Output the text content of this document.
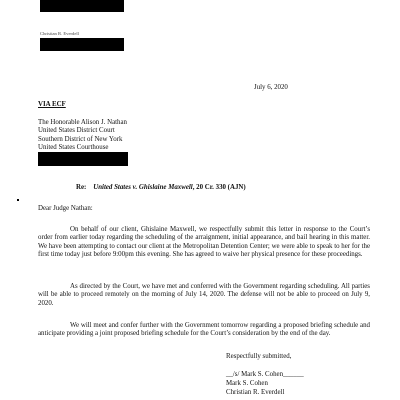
Christian R. Everdell
July 6, 2020
VIA ECF
The Honorable Alison J. Nathan
United States District Court
Southern District of New York
United States Courthouse
Re: United States v. Ghislaine Maxwell, 20 Cr. 330 (AJN)
Dear Judge Nathan:

On behalf of our client, Ghislaine Maxwell, we respectfully submit this letter in response to the Court’s order from earlier today regarding the scheduling of the arraignment, initial appearance, and bail hearing in this matter. We have been attempting to contact our client at the Metropolitan Detention Center; we were able to speak to her for the first time today just before 9:00pm this evening. She has agreed to waive her physical presence for these proceedings.

As directed by the Court, we have met and conferred with the Government regarding scheduling. All parties will be able to proceed remotely on the morning of July 14, 2020. The defense will not be able to proceed on July 9, 2020.

We will meet and confer further with the Government tomorrow regarding a proposed briefing schedule and anticipate providing a joint proposed briefing schedule for the Court’s consideration by the end of the day.

Respectfully submitted,
__/s/ Mark S. Cohen______
Mark S. Cohen
Christian R. Everdell
